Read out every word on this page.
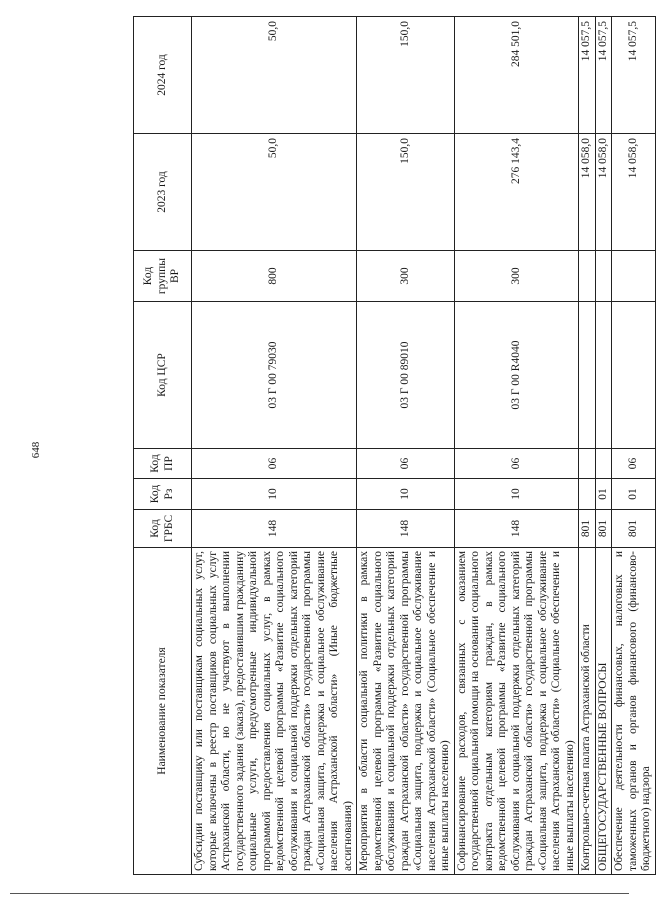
648
Наименование показателя	Код ГРБС	Код Рз	Код ПР	Код ЦСР	Код группы ВР	2023 год	2024 год
Субсидии поставщику или поставщикам социальных услуг, которые включены в реестр поставщиков социальных услуг Астраханской области, но не участвуют в выполнении государственного задания (заказа), предоставившим гражданину социальные услуги, предусмотренные индивидуальной программой предоставления социальных услуг, в рамках ведомственной целевой программы «Развитие социального обслуживания и социальной поддержки отдельных категорий граждан Астраханской области» государственной программы «Социальная защита, поддержка и социальное обслуживание населения Астраханской области» (Иные бюджетные ассигнования)	148	10	06	03 Г 00 79030	800	50,0	50,0
Мероприятия в области социальной политики в рамках ведомственной целевой программы «Развитие социального обслуживания и социальной поддержки отдельных категорий граждан Астраханской области» государственной программы «Социальная защита, поддержка и социальное обслуживание населения Астраханской области» (Социальное обеспечение и иные выплаты населению)	148	10	06	03 Г 00 89010	300	150,0	150,0
Софинансирование расходов, связанных с оказанием государственной социальной помощи на основании социального контракта отдельным категориям граждан, в рамках ведомственной целевой программы «Развитие социального обслуживания и социальной поддержки отдельных категорий граждан Астраханской области» государственной программы «Социальная защита, поддержка и социальное обслуживание населения Астраханской области» (Социальное обеспечение и иные выплаты населению)	148	10	06	03 Г 00 R4040	300	276 143,4	284 501,0
Контрольно-счетная палата Астраханской области	801					14 058,0	14 057,5
ОБЩЕГОСУДАРСТВЕННЫЕ ВОПРОСЫ	801	01				14 058,0	14 057,5
Обеспечение деятельности финансовых, налоговых и таможенных органов и органов финансового (финансово-бюджетного) надзора	801	01	06			14 058,0	14 057,5
